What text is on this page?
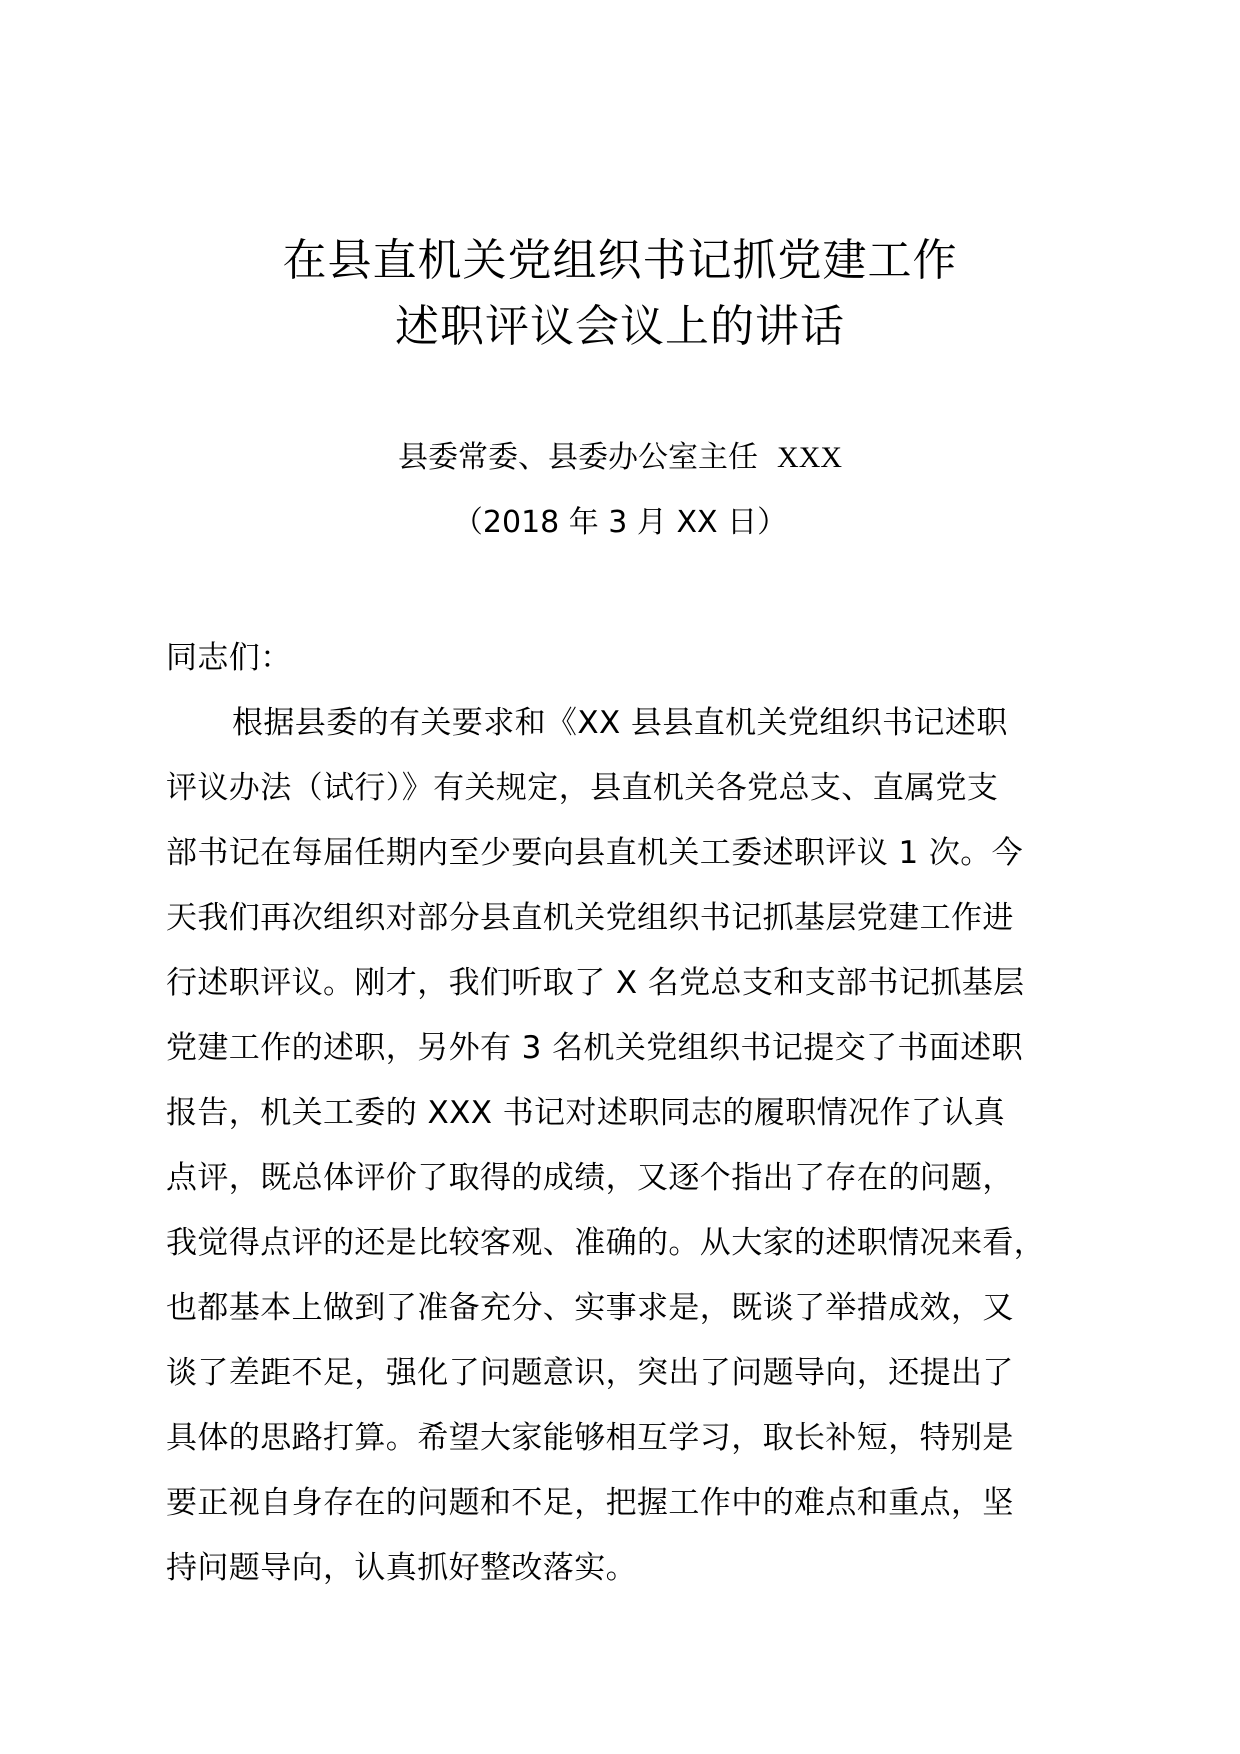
在县直机关党组织书记抓党建工作
述职评议会议上的讲话
县委常委、县委办公室主任 XXX
（2018 年 3 月 XX 日）
同志们：
根据县委的有关要求和《XX 县县直机关党组织书记述职
评议办法（试行）》有关规定，县直机关各党总支、直属党支
部书记在每届任期内至少要向县直机关工委述职评议 1 次。今
天我们再次组织对部分县直机关党组织书记抓基层党建工作进
行述职评议。刚才，我们听取了 X 名党总支和支部书记抓基层
党建工作的述职，另外有 3 名机关党组织书记提交了书面述职
报告，机关工委的 XXX 书记对述职同志的履职情况作了认真
点评，既总体评价了取得的成绩，又逐个指出了存在的问题，
我觉得点评的还是比较客观、准确的。从大家的述职情况来看，
也都基本上做到了准备充分、实事求是，既谈了举措成效，又
谈了差距不足，强化了问题意识，突出了问题导向，还提出了
具体的思路打算。希望大家能够相互学习，取长补短，特别是
要正视自身存在的问题和不足，把握工作中的难点和重点，坚
持问题导向，认真抓好整改落实。
